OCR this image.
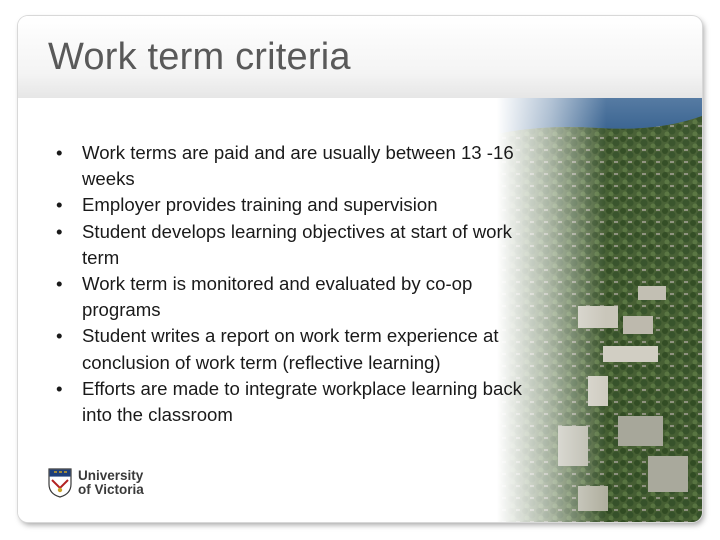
Work term criteria
• Work terms are paid and are usually between 13 -16 weeks
• Employer provides training and supervision
• Student develops learning objectives at start of work term
• Work term is monitored and evaluated by co-op programs
• Student writes a report on work term experience at conclusion of work term (reflective learning)
• Efforts are made to integrate workplace learning back into the classroom
University
of Victoria
